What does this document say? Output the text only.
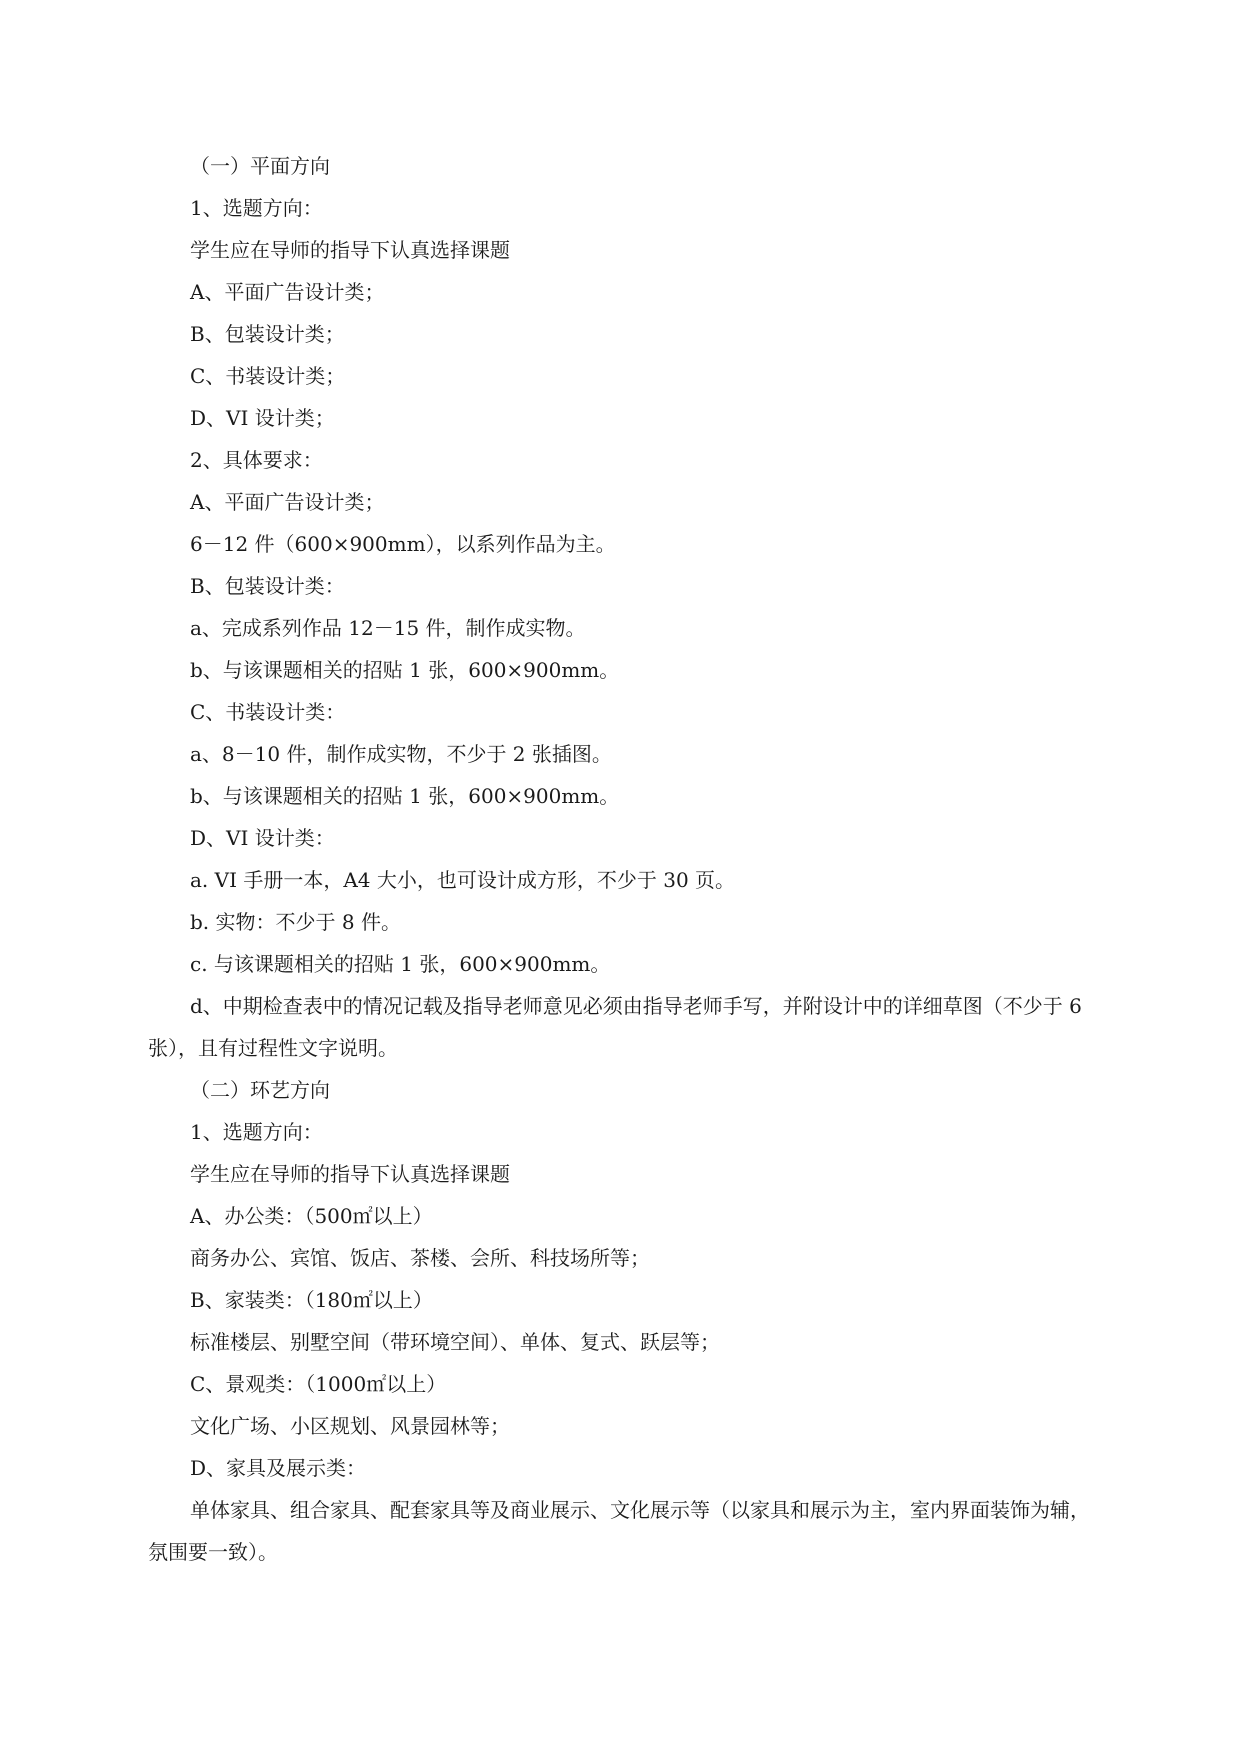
（一）平面方向
1、选题方向：
学生应在导师的指导下认真选择课题
A、平面广告设计类；
B、包装设计类；
C、书装设计类；
D、VI 设计类；
2、具体要求：
A、平面广告设计类；
6－12 件（600×900mm），以系列作品为主。
B、包装设计类：
a、完成系列作品 12－15 件，制作成实物。
b、与该课题相关的招贴 1 张，600×900mm。
C、书装设计类：
a、8－10 件，制作成实物，不少于 2 张插图。
b、与该课题相关的招贴 1 张，600×900mm。
D、VI 设计类：
a. VI 手册一本，A4 大小，也可设计成方形，不少于 30 页。
b. 实物：不少于 8 件。
c. 与该课题相关的招贴 1 张，600×900mm。
d、中期检查表中的情况记载及指导老师意见必须由指导老师手写，并附设计中的详细草图（不少于 6 张），且有过程性文字说明。
（二）环艺方向
1、选题方向：
学生应在导师的指导下认真选择课题
A、办公类：（500㎡以上）
商务办公、宾馆、饭店、茶楼、会所、科技场所等；
B、家装类：（180㎡以上）
标准楼层、别墅空间（带环境空间）、单体、复式、跃层等；
C、景观类：（1000㎡以上）
文化广场、小区规划、风景园林等；
D、家具及展示类：
单体家具、组合家具、配套家具等及商业展示、文化展示等（以家具和展示为主，室内界面装饰为辅，氛围要一致）。
